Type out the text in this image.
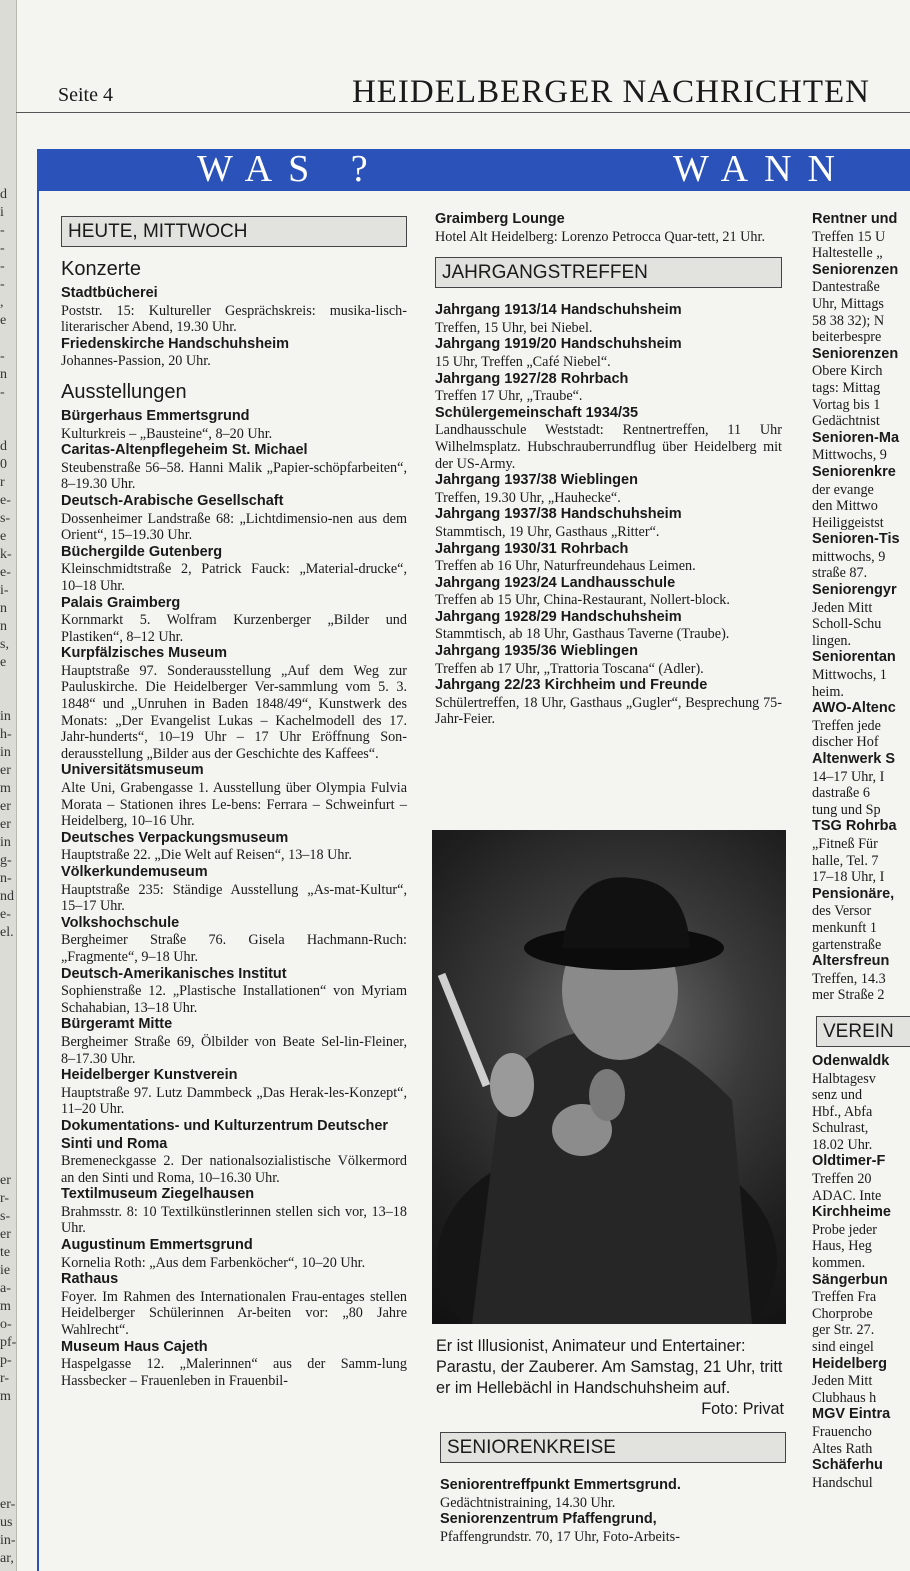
d
i
-
-
-
-
,
e
-
n
-
d
0
r
e-
s-
e
k-
e-
i-
n
n
s,
e
in
h-
in
er
m
er
er
in
g-
n-
nd
e-
el.
er
r-
s-
er
te
ie
a-
m
o-
pf-
p-
r-
m
er-
us
in-
ar,
Seite 4	HEIDELBERGER NACHRICHTEN
WAS ?	WANN
HEUTE, MITTWOCH
Konzerte

Stadtbücherei

Poststr. 15: Kultureller Gesprächskreis: musika-lisch-literarischer Abend, 19.30 Uhr.

Friedenskirche Handschuhsheim

Johannes-Passion, 20 Uhr.

Ausstellungen

Bürgerhaus Emmertsgrund

Kulturkreis – „Bausteine“, 8–20 Uhr.

Caritas-Altenpflegeheim St. Michael

Steubenstraße 56–58. Hanni Malik „Papier-schöpfarbeiten“, 8–19.30 Uhr.

Deutsch-Arabische Gesellschaft

Dossenheimer Landstraße 68: „Lichtdimensio-nen aus dem Orient“, 15–19.30 Uhr.

Büchergilde Gutenberg

Kleinschmidtstraße 2, Patrick Fauck: „Material-drucke“, 10–18 Uhr.

Palais Graimberg

Kornmarkt 5. Wolfram Kurzenberger „Bilder und Plastiken“, 8–12 Uhr.

Kurpfälzisches Museum

Hauptstraße 97. Sonderausstellung „Auf dem Weg zur Pauluskirche. Die Heidelberger Ver-sammlung vom 5. 3. 1848“ und „Unruhen in Baden 1848/49“, Kunstwerk des Monats: „Der Evangelist Lukas – Kachelmodell des 17. Jahr-hunderts“, 10–19 Uhr – 17 Uhr Eröffnung Son-derausstellung „Bilder aus der Geschichte des Kaffees“.

Universitätsmuseum

Alte Uni, Grabengasse 1. Ausstellung über Olympia Fulvia Morata – Stationen ihres Le-bens: Ferrara – Schweinfurt – Heidelberg, 10–16 Uhr.

Deutsches Verpackungsmuseum

Hauptstraße 22. „Die Welt auf Reisen“, 13–18 Uhr.

Völkerkundemuseum

Hauptstraße 235: Ständige Ausstellung „As-mat-Kultur“, 15–17 Uhr.

Volkshochschule

Bergheimer Straße 76. Gisela Hachmann-Ruch: „Fragmente“, 9–18 Uhr.

Deutsch-Amerikanisches Institut

Sophienstraße 12. „Plastische Installationen“ von Myriam Schahabian, 13–18 Uhr.

Bürgeramt Mitte

Bergheimer Straße 69, Ölbilder von Beate Sel-lin-Fleiner, 8–17.30 Uhr.

Heidelberger Kunstverein

Hauptstraße 97. Lutz Dammbeck „Das Herak-les-Konzept“, 11–20 Uhr.

Dokumentations- und Kulturzentrum Deutscher Sinti und Roma

Bremeneckgasse 2. Der nationalsozialistische Völkermord an den Sinti und Roma, 10–16.30 Uhr.

Textilmuseum Ziegelhausen

Brahmsstr. 8: 10 Textilkünstlerinnen stellen sich vor, 13–18 Uhr.

Augustinum Emmertsgrund

Kornelia Roth: „Aus dem Farbenköcher“, 10–20 Uhr.

Rathaus

Foyer. Im Rahmen des Internationalen Frau-entages stellen Heidelberger Schülerinnen Ar-beiten vor: „80 Jahre Wahlrecht“.

Museum Haus Cajeth

Haspelgasse 12. „Malerinnen“ aus der Samm-lung Hassbecker – Frauenleben in Frauenbil-

Graimberg Lounge

Hotel Alt Heidelberg: Lorenzo Petrocca Quar-tett, 21 Uhr.

JAHRGANGSTREFFEN

Jahrgang 1913/14 Handschuhsheim

Treffen, 15 Uhr, bei Niebel.

Jahrgang 1919/20 Handschuhsheim

15 Uhr, Treffen „Café Niebel“.

Jahrgang 1927/28 Rohrbach

Treffen 17 Uhr, „Traube“.

Schülergemeinschaft 1934/35

Landhausschule Weststadt: Rentnertreffen, 11 Uhr Wilhelmsplatz. Hubschrauberrundflug über Heidelberg mit der US-Army.

Jahrgang 1937/38 Wieblingen

Treffen, 19.30 Uhr, „Hauhecke“.

Jahrgang 1937/38 Handschuhsheim

Stammtisch, 19 Uhr, Gasthaus „Ritter“.

Jahrgang 1930/31 Rohrbach

Treffen ab 16 Uhr, Naturfreundehaus Leimen.

Jahrgang 1923/24 Landhausschule

Treffen ab 15 Uhr, China-Restaurant, Nollert-block.

Jahrgang 1928/29 Handschuhsheim

Stammtisch, ab 18 Uhr, Gasthaus Taverne (Traube).

Jahrgang 1935/36 Wieblingen

Treffen ab 17 Uhr, „Trattoria Toscana“ (Adler).

Jahrgang 22/23 Kirchheim und Freunde

Schülertreffen, 18 Uhr, Gasthaus „Gugler“, Besprechung 75-Jahr-Feier.

Er ist Illusionist, Animateur und Entertainer: Parastu, der Zauberer. Am Samstag, 21 Uhr, tritt er im Hellebächl in Handschuhsheim auf.
Foto: Privat
SENIORENKREISE

Seniorentreffpunkt Emmertsgrund.

Gedächtnistraining, 14.30 Uhr.

Seniorenzentrum Pfaffengrund,

Pfaffengrundstr. 70, 17 Uhr, Foto-Arbeits-

Rentner und

Treffen 15 U

Haltestelle „

Seniorenzen

Dantestraße

Uhr, Mittags

58 38 32); N

beiterbespre

Seniorenzen

Obere Kirch

tags: Mittag

Vortag bis 1

Gedächtnist

Senioren-Ma

Mittwochs, 9

Seniorenkre

der evange

den Mittwo

Heiliggeistst

Senioren-Tis

mittwochs, 9

straße 87.

Seniorengyr

Jeden Mitt

Scholl-Schu

lingen.

Seniorentan

Mittwochs, 1

heim.

AWO-Altenc

Treffen jede

discher Hof

Altenwerk S

14–17 Uhr, I

dastraße 6

tung und Sp

TSG Rohrba

„Fitneß Für

halle, Tel. 7

17–18 Uhr, I

Pensionäre,

des Versor

menkunft 1

gartenstraße

Altersfreun

Treffen, 14.3

mer Straße 2

VEREIN

Odenwaldk

Halbtagesv

senz und

Hbf., Abfa

Schulrast,

18.02 Uhr.

Oldtimer-F

Treffen 20

ADAC. Inte

Kirchheime

Probe jeder

Haus, Heg

kommen.

Sängerbun

Treffen Fra

Chorprobe

ger Str. 27.

sind eingel

Heidelberg

Jeden Mitt

Clubhaus h

MGV Eintra

Frauencho

Altes Rath

Schäferhu

Handschul
